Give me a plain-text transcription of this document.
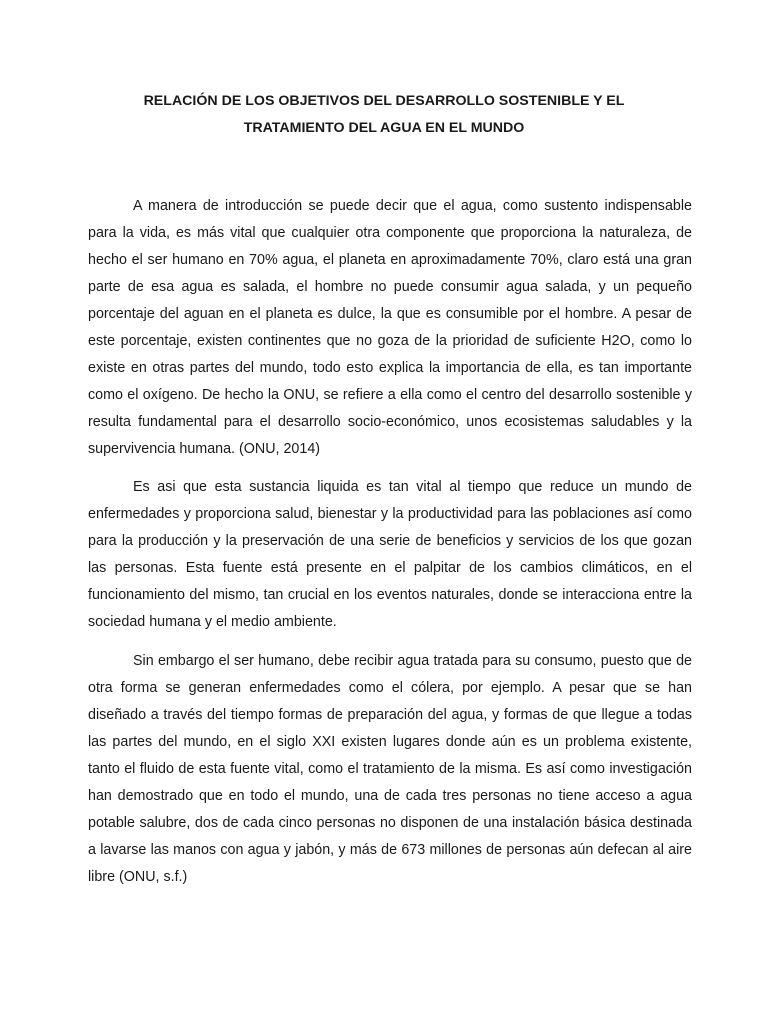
RELACIÓN DE LOS OBJETIVOS DEL DESARROLLO SOSTENIBLE Y EL
TRATAMIENTO DEL AGUA EN EL MUNDO

A manera de introducción se puede decir que el agua, como sustento indispensable para la vida, es más vital que cualquier otra componente que proporciona la naturaleza, de hecho el ser humano en 70% agua, el planeta en aproximadamente 70%, claro está una gran parte de esa agua es salada, el hombre no puede consumir agua salada, y un pequeño porcentaje del aguan en el planeta es dulce, la que es consumible por el hombre. A pesar de este porcentaje, existen continentes que no goza de la prioridad de suficiente H2O, como lo existe en otras partes del mundo, todo esto explica la importancia de ella, es tan importante como el oxígeno. De hecho la ONU, se refiere a ella como el centro del desarrollo sostenible y resulta fundamental para el desarrollo socio-económico, unos ecosistemas saludables y la supervivencia humana. (ONU, 2014)

Es asi que esta sustancia liquida es tan vital al tiempo que reduce un mundo de enfermedades y proporciona salud, bienestar y la productividad para las poblaciones así como para la producción y la preservación de una serie de beneficios y servicios de los que gozan las personas. Esta fuente está presente en el palpitar de los cambios climáticos, en el funcionamiento del mismo, tan crucial en los eventos naturales, donde se interacciona entre la sociedad humana y el medio ambiente.

Sin embargo el ser humano, debe recibir agua tratada para su consumo, puesto que de otra forma se generan enfermedades como el cólera, por ejemplo. A pesar que se han diseñado a través del tiempo formas de preparación del agua, y formas de que llegue a todas las partes del mundo, en el siglo XXI existen lugares donde aún es un problema existente, tanto el fluido de esta fuente vital, como el tratamiento de la misma. Es así como investigación han demostrado que en todo el mundo, una de cada tres personas no tiene acceso a agua potable salubre, dos de cada cinco personas no disponen de una instalación básica destinada a lavarse las manos con agua y jabón, y más de 673 millones de personas aún defecan al aire libre (ONU, s.f.)
